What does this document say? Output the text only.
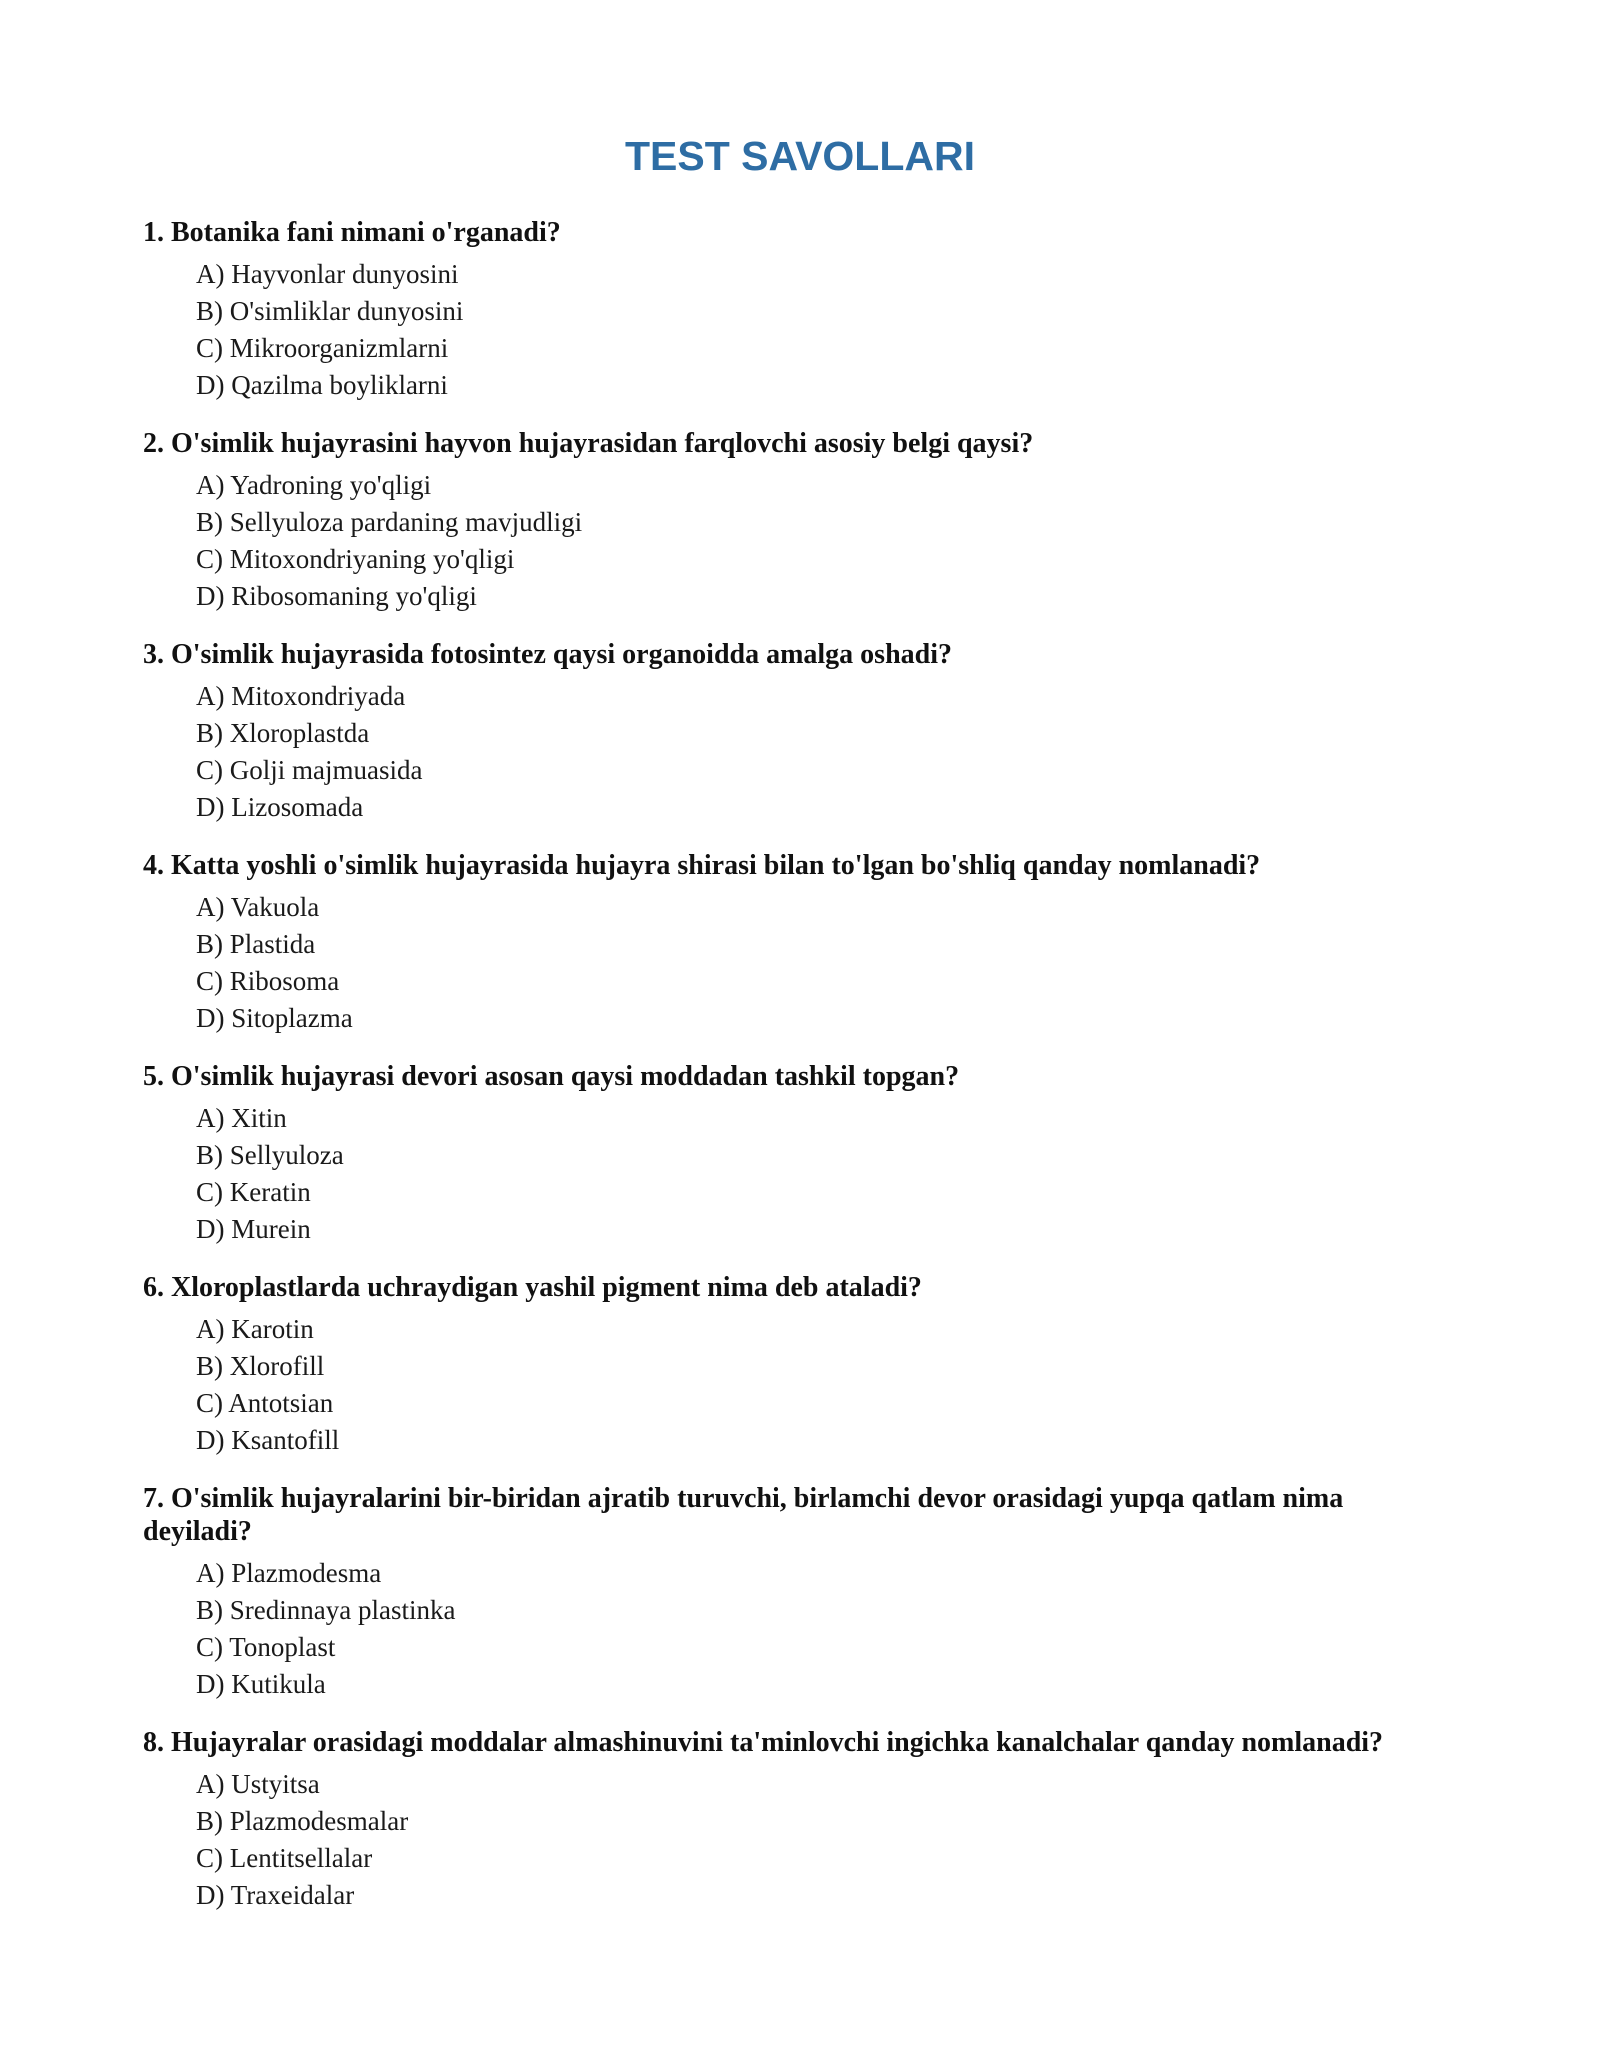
TEST SAVOLLARI

1. Botanika fani nimani o'rganadi?

A) Hayvonlar dunyosini
B) O'simliklar dunyosini
C) Mikroorganizmlarni
D) Qazilma boyliklarni

2. O'simlik hujayrasini hayvon hujayrasidan farqlovchi asosiy belgi qaysi?

A) Yadroning yo'qligi
B) Sellyuloza pardaning mavjudligi
C) Mitoxondriyaning yo'qligi
D) Ribosomaning yo'qligi

3. O'simlik hujayrasida fotosintez qaysi organoidda amalga oshadi?

A) Mitoxondriyada
B) Xloroplastda
C) Golji majmuasida
D) Lizosomada

4. Katta yoshli o'simlik hujayrasida hujayra shirasi bilan to'lgan bo'shliq qanday nomlanadi?

A) Vakuola
B) Plastida
C) Ribosoma
D) Sitoplazma

5. O'simlik hujayrasi devori asosan qaysi moddadan tashkil topgan?

A) Xitin
B) Sellyuloza
C) Keratin
D) Murein

6. Xloroplastlarda uchraydigan yashil pigment nima deb ataladi?

A) Karotin
B) Xlorofill
C) Antotsian
D) Ksantofill

7. O'simlik hujayralarini bir-biridan ajratib turuvchi, birlamchi devor orasidagi yupqa qatlam nima deyiladi?

A) Plazmodesma
B) Sredinnaya plastinka
C) Tonoplast
D) Kutikula

8. Hujayralar orasidagi moddalar almashinuvini ta'minlovchi ingichka kanalchalar qanday nomlanadi?

A) Ustyitsa
B) Plazmodesmalar
C) Lentitsellalar
D) Traxeidalar
